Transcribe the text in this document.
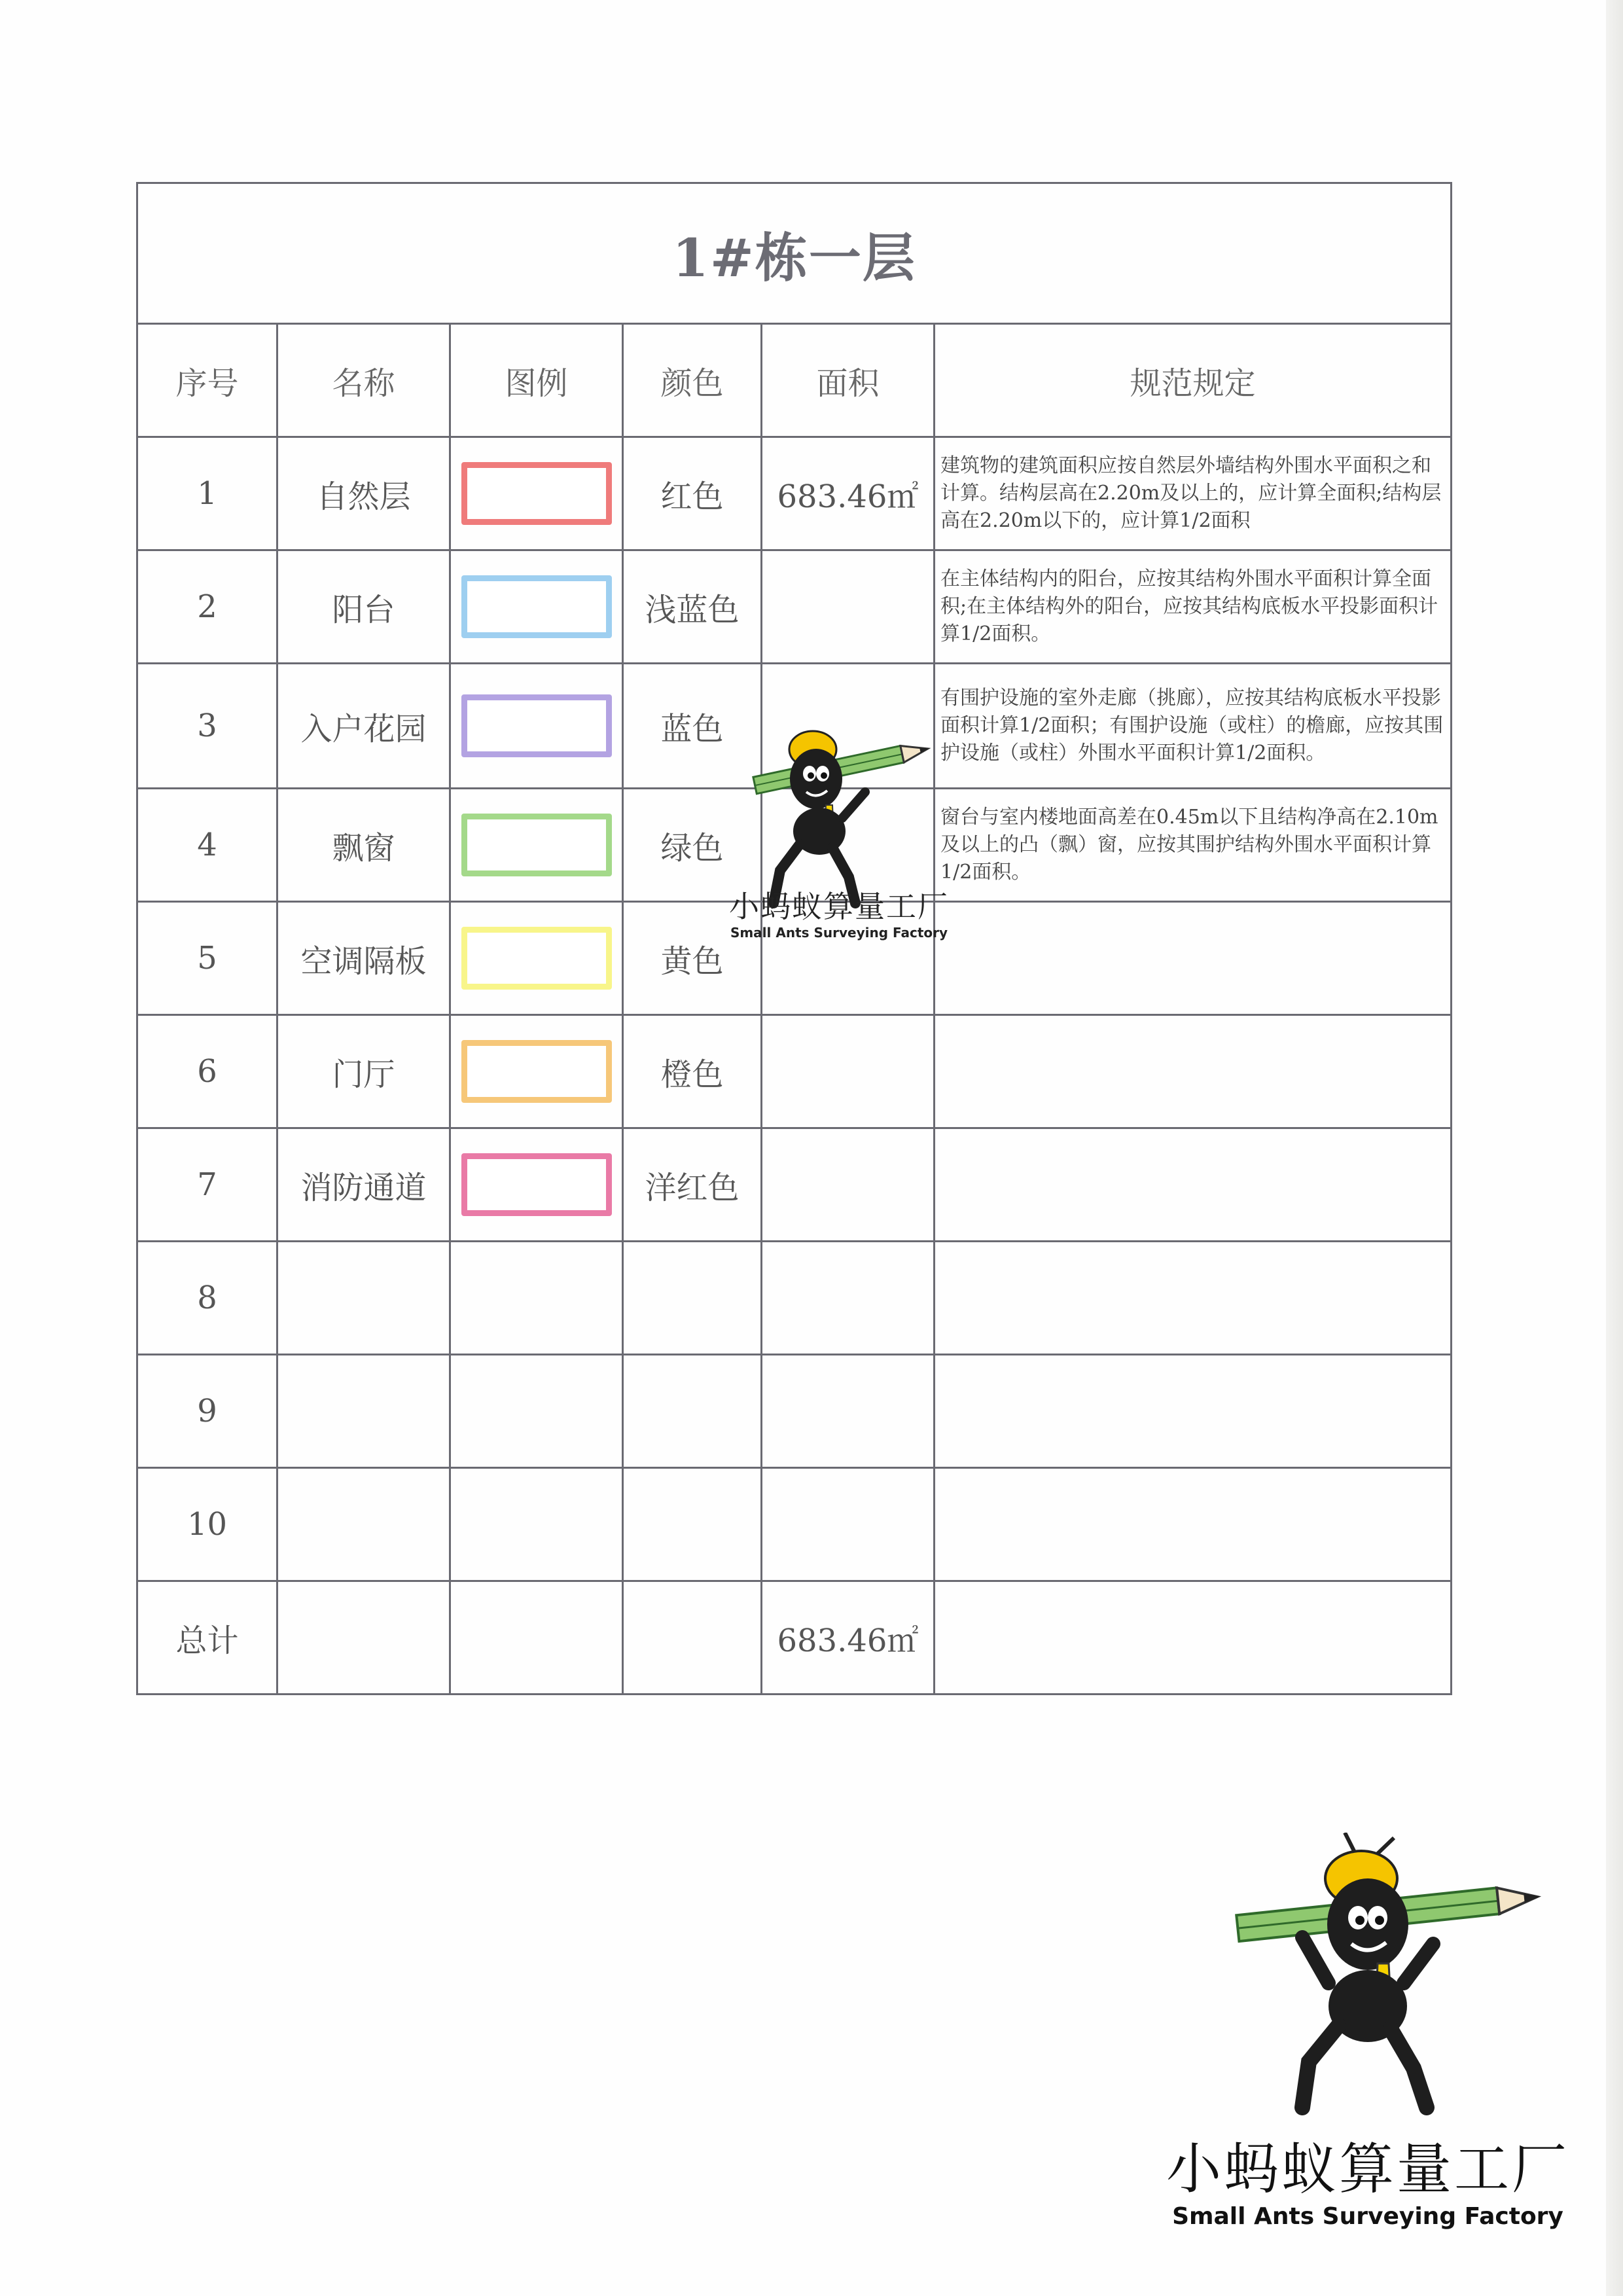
1#栋一层					
序号	名称	图例	颜色	面积	规范规定
1	自然层		红色	683.46㎡	建筑物的建筑面积应按自然层外墙结构外围水平面积之和计算。结构层高在2.20m及以上的，应计算全面积;结构层高在2.20m以下的，应计算1/2面积
2	阳台		浅蓝色		在主体结构内的阳台，应按其结构外围水平面积计算全面积;在主体结构外的阳台，应按其结构底板水平投影面积计算1/2面积。
3	入户花园		蓝色		有围护设施的室外走廊（挑廊），应按其结构底板水平投影面积计算1/2面积；有围护设施（或柱）的檐廊，应按其围护设施（或柱）外围水平面积计算1/2面积。
4	飘窗		绿色		窗台与室内楼地面高差在0.45m以下且结构净高在2.10m及以上的凸（飘）窗，应按其围护结构外围水平面积计算1/2面积。
5	空调隔板		黄色		
6	门厅		橙色		
7	消防通道		洋红色		
8					
9					
10					
总计				683.46㎡	
小蚂蚁算量工厂
Small Ants Surveying Factory
小蚂蚁算量工厂
Small Ants Surveying Factory
